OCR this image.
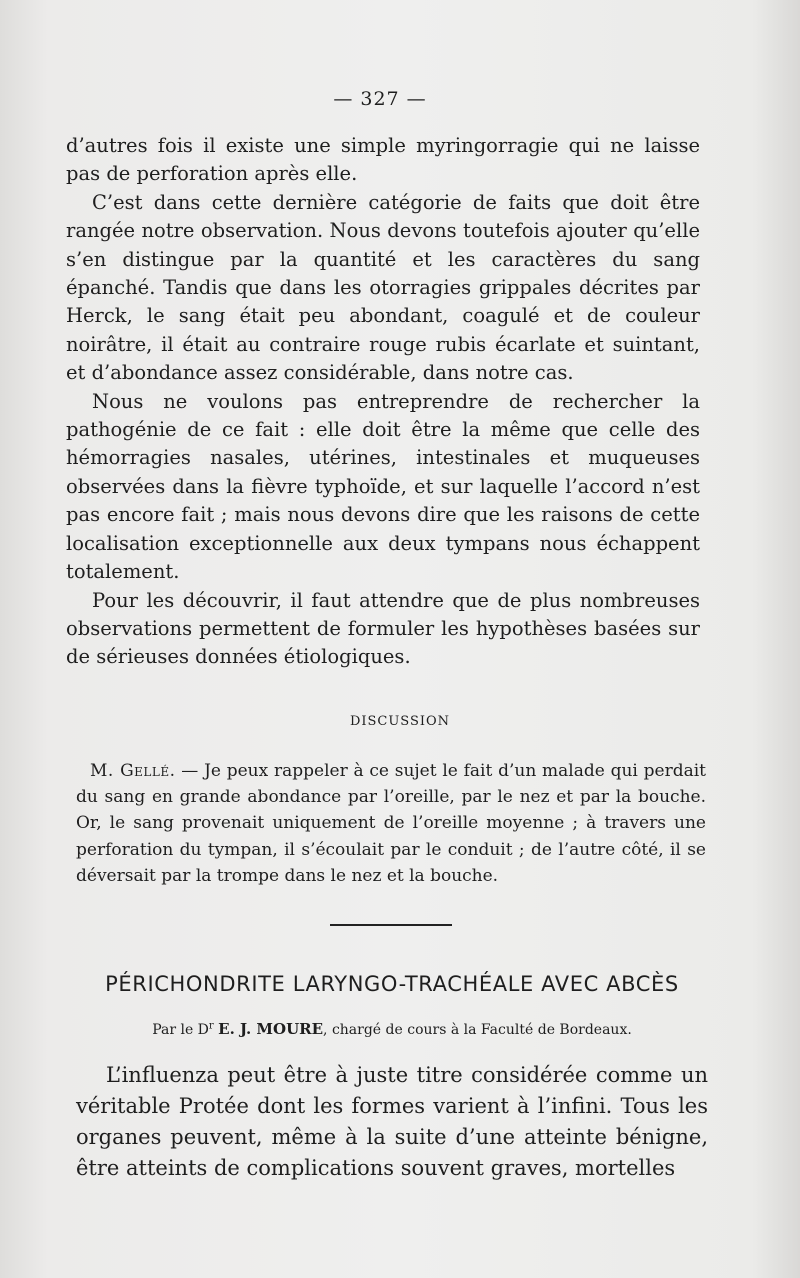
— 327 —

d’autres fois il existe une simple myringorragie qui ne laisse pas de perforation après elle.

C’est dans cette dernière catégorie de faits que doit être rangée notre observation. Nous devons toutefois ajouter qu’elle s’en distingue par la quantité et les caractères du sang épanché. Tandis que dans les otorragies grippales décrites par Herck, le sang était peu abondant, coagulé et de couleur noirâtre, il était au contraire rouge rubis écarlate et suintant, et d’abondance assez considérable, dans notre cas.

Nous ne voulons pas entreprendre de rechercher la pathogénie de ce fait : elle doit être la même que celle des hémorragies nasales, utérines, intestinales et muqueuses observées dans la fièvre typhoïde, et sur laquelle l’accord n’est pas encore fait ; mais nous devons dire que les raisons de cette localisation exceptionnelle aux deux tympans nous échappent totalement.

Pour les découvrir, il faut attendre que de plus nombreuses observations permettent de formuler les hypothèses basées sur de sérieuses données étiologiques.

DISCUSSION

M. Gellé. — Je peux rappeler à ce sujet le fait d’un malade qui perdait du sang en grande abondance par l’oreille, par le nez et par la bouche. Or, le sang provenait uniquement de l’oreille moyenne ; à travers une perforation du tympan, il s’écoulait par le conduit ; de l’autre côté, il se déversait par la trompe dans le nez et la bouche.

PÉRICHONDRITE LARYNGO-TRACHÉALE AVEC ABCÈS
Par le $D^r$ E. J. MOURE, chargé de cours à la Faculté de Bordeaux.

L’influenza peut être à juste titre considérée comme un véritable Protée dont les formes varient à l’infini. Tous les organes peuvent, même à la suite d’une atteinte bénigne, être atteints de complications souvent graves, mortelles
